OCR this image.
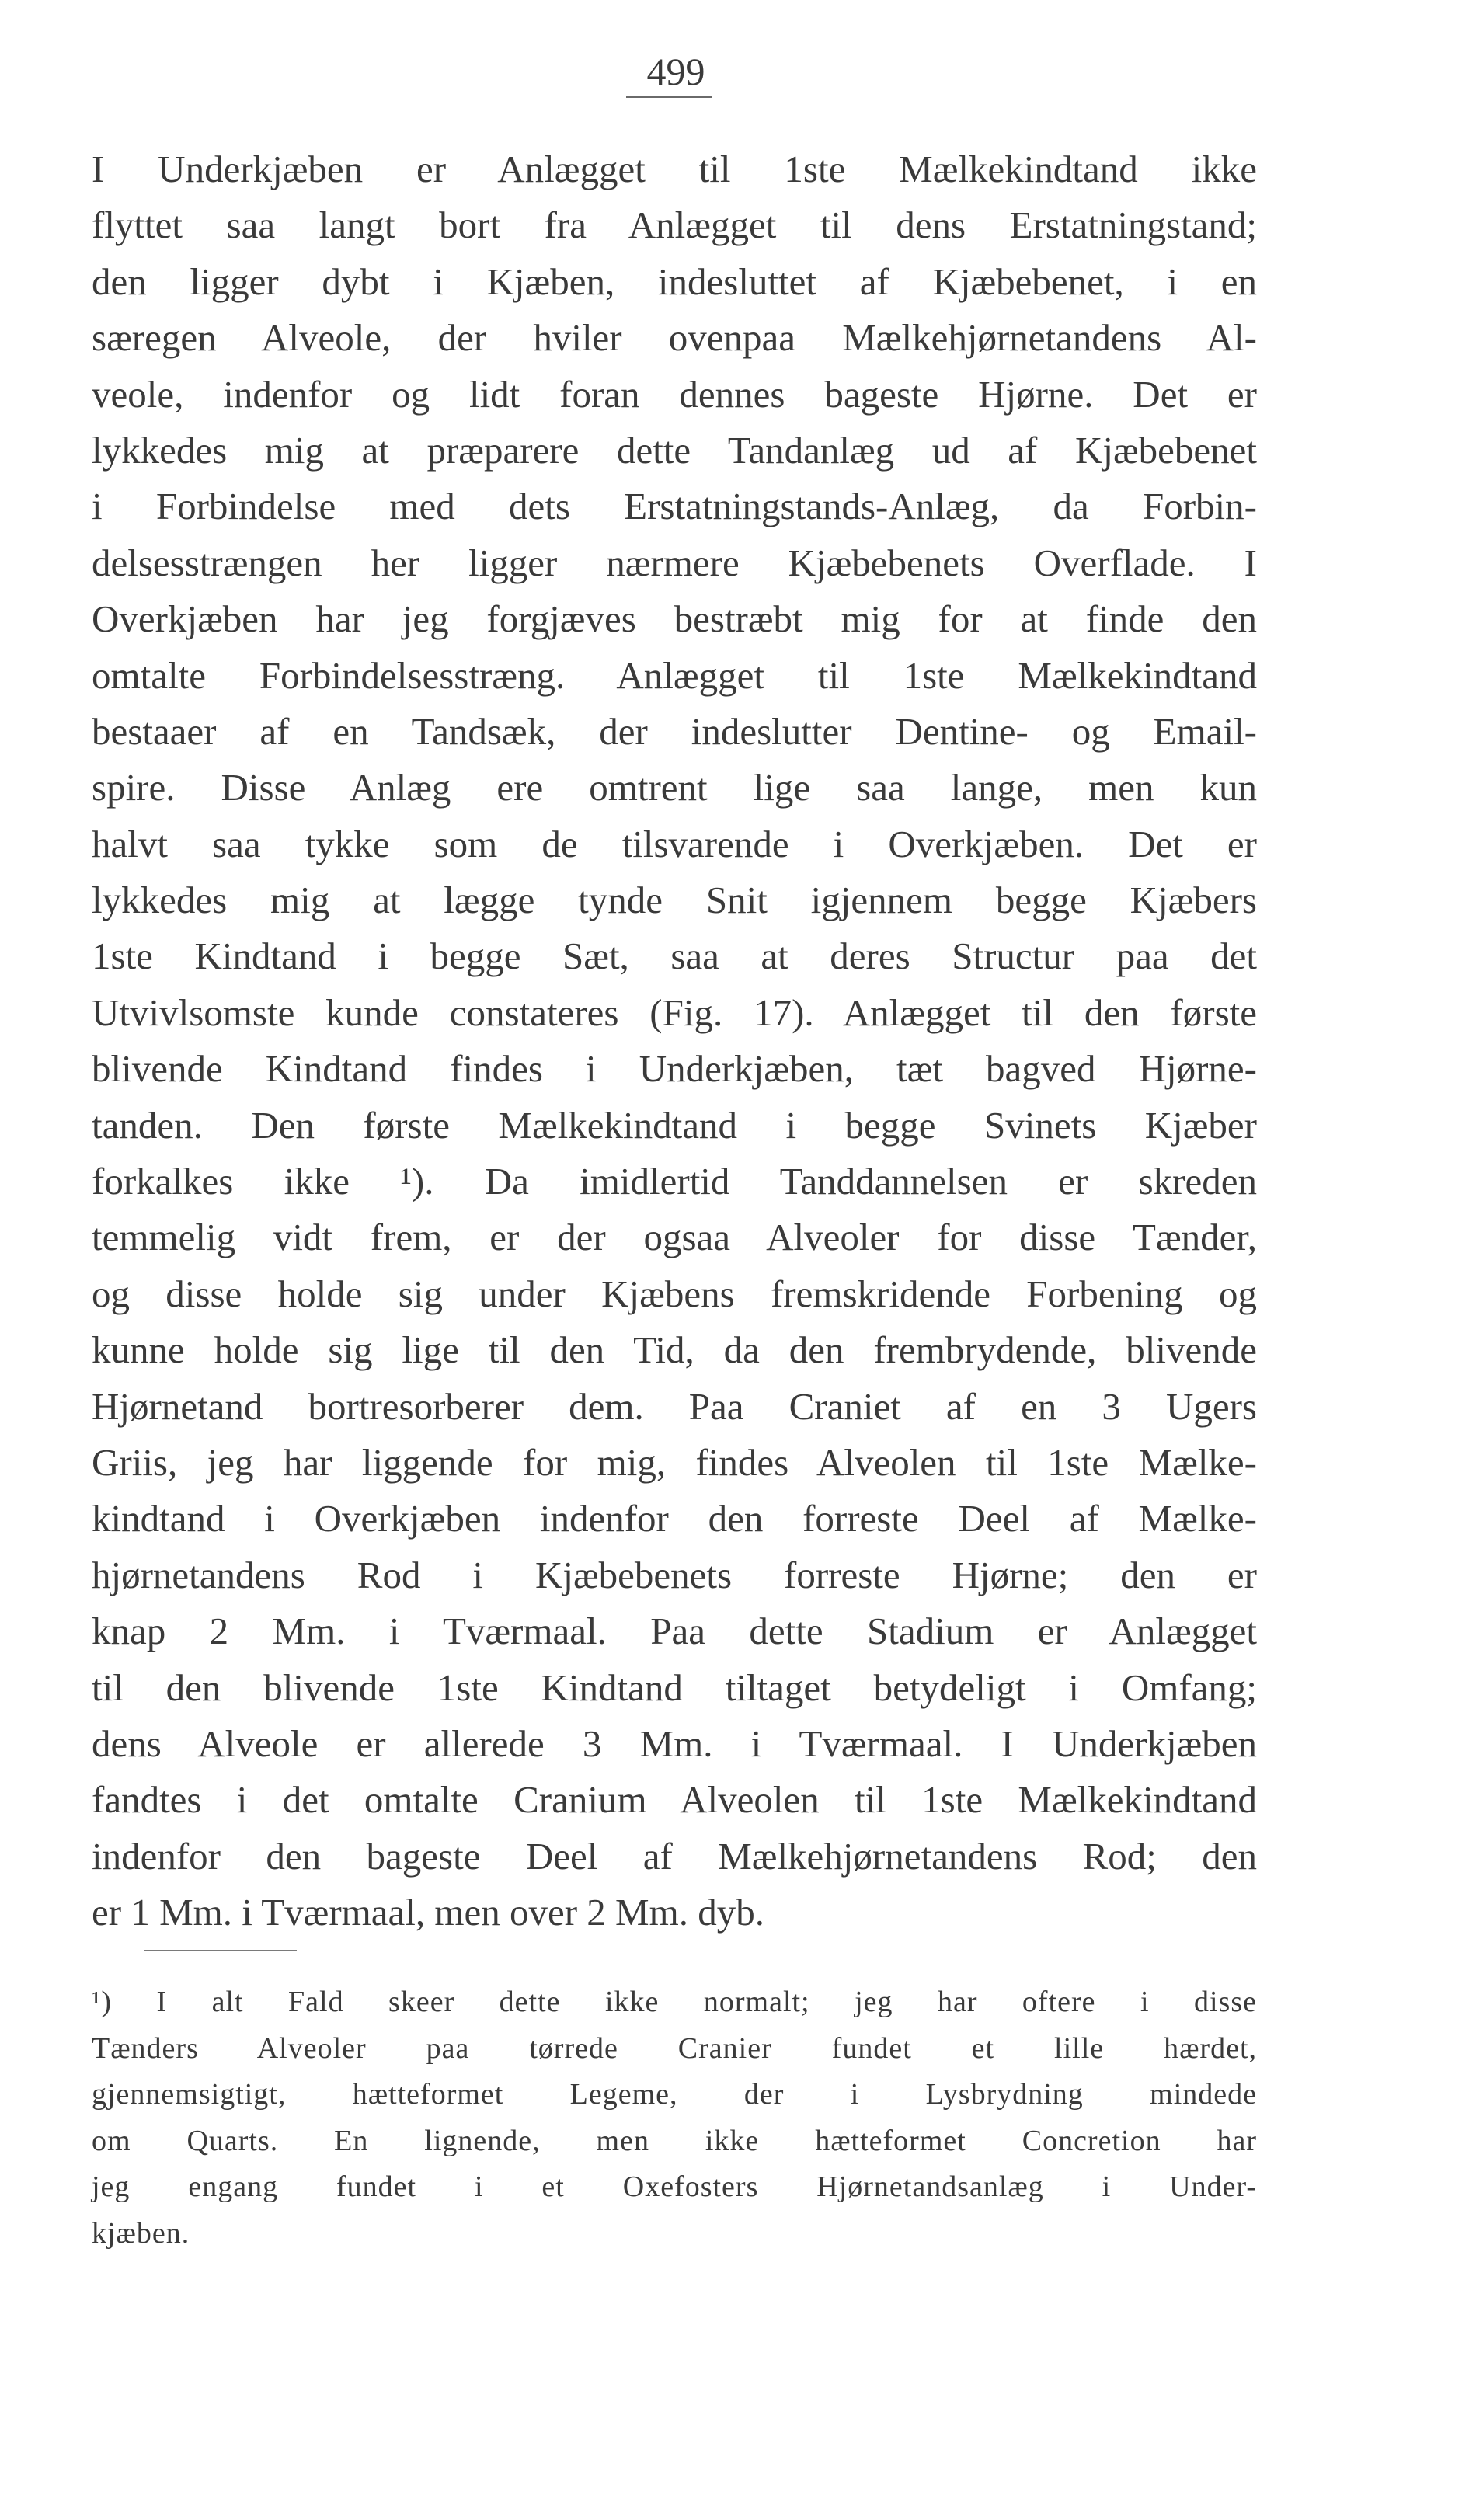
499
I Underkjæben er Anlægget til 1ste Mælkekindtand ikke
flyttet saa langt bort fra Anlægget til dens Erstatningstand;
den ligger dybt i Kjæben, indesluttet af Kjæbebenet, i en
særegen Alveole, der hviler ovenpaa Mælkehjørnetandens Al-
veole, indenfor og lidt foran dennes bageste Hjørne. Det er
lykkedes mig at præparere dette Tandanlæg ud af Kjæbebenet
i Forbindelse med dets Erstatningstands-Anlæg, da Forbin-
delsesstrængen her ligger nærmere Kjæbebenets Overflade. I
Overkjæben har jeg forgjæves bestræbt mig for at finde den
omtalte Forbindelsesstræng. Anlægget til 1ste Mælkekindtand
bestaaer af en Tandsæk, der indeslutter Dentine- og Email-
spire. Disse Anlæg ere omtrent lige saa lange, men kun
halvt saa tykke som de tilsvarende i Overkjæben. Det er
lykkedes mig at lægge tynde Snit igjennem begge Kjæbers
1ste Kindtand i begge Sæt, saa at deres Structur paa det
Utvivlsomste kunde constateres (Fig. 17). Anlægget til den første
blivende Kindtand findes i Underkjæben, tæt bagved Hjørne-
tanden. Den første Mælkekindtand i begge Svinets Kjæber
forkalkes ikke ¹). Da imidlertid Tanddannelsen er skreden
temmelig vidt frem, er der ogsaa Alveoler for disse Tænder,
og disse holde sig under Kjæbens fremskridende Forbening og
kunne holde sig lige til den Tid, da den frembrydende, blivende
Hjørnetand bortresorberer dem. Paa Craniet af en 3 Ugers
Griis, jeg har liggende for mig, findes Alveolen til 1ste Mælke-
kindtand i Overkjæben indenfor den forreste Deel af Mælke-
hjørnetandens Rod i Kjæbebenets forreste Hjørne; den er
knap 2 Mm. i Tværmaal. Paa dette Stadium er Anlægget
til den blivende 1ste Kindtand tiltaget betydeligt i Omfang;
dens Alveole er allerede 3 Mm. i Tværmaal. I Underkjæben
fandtes i det omtalte Cranium Alveolen til 1ste Mælkekindtand
indenfor den bageste Deel af Mælkehjørnetandens Rod; den
er 1 Mm. i Tværmaal, men over 2 Mm. dyb.
¹) I alt Fald skeer dette ikke normalt; jeg har oftere i disse
Tænders Alveoler paa tørrede Cranier fundet et lille hærdet,
gjennemsigtigt, hætteformet Legeme, der i Lysbrydning mindede
om Quarts. En lignende, men ikke hætteformet Concretion har
jeg engang fundet i et Oxefosters Hjørnetandsanlæg i Under-
kjæben.
